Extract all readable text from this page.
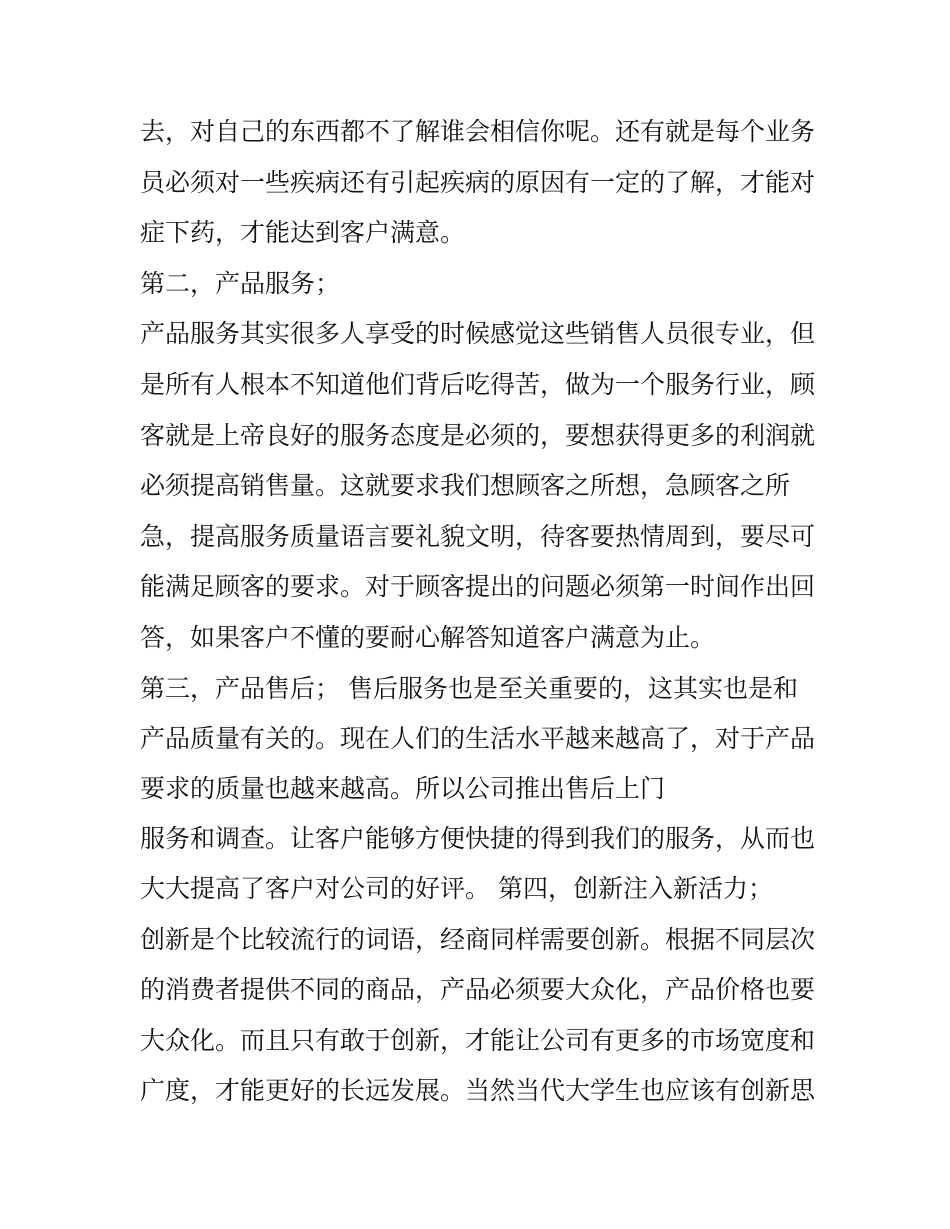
去，对自己的东西都不了解谁会相信你呢。还有就是每个业务
员必须对一些疾病还有引起疾病的原因有一定的了解，才能对
症下药，才能达到客户满意。
第二，产品服务；
产品服务其实很多人享受的时候感觉这些销售人员很专业，但
是所有人根本不知道他们背后吃得苦，做为一个服务行业，顾
客就是上帝良好的服务态度是必须的，要想获得更多的利润就
必须提高销售量。这就要求我们想顾客之所想，急顾客之所
急，提高服务质量语言要礼貌文明，待客要热情周到，要尽可
能满足顾客的要求。对于顾客提出的问题必须第一时间作出回
答，如果客户不懂的要耐心解答知道客户满意为止。
第三，产品售后； 售后服务也是至关重要的，这其实也是和
产品质量有关的。现在人们的生活水平越来越高了，对于产品
要求的质量也越来越高。所以公司推出售后上门
服务和调查。让客户能够方便快捷的得到我们的服务，从而也
大大提高了客户对公司的好评。 第四，创新注入新活力；
创新是个比较流行的词语，经商同样需要创新。根据不同层次
的消费者提供不同的商品，产品必须要大众化，产品价格也要
大众化。而且只有敢于创新，才能让公司有更多的市场宽度和
广度，才能更好的长远发展。当然当代大学生也应该有创新思
